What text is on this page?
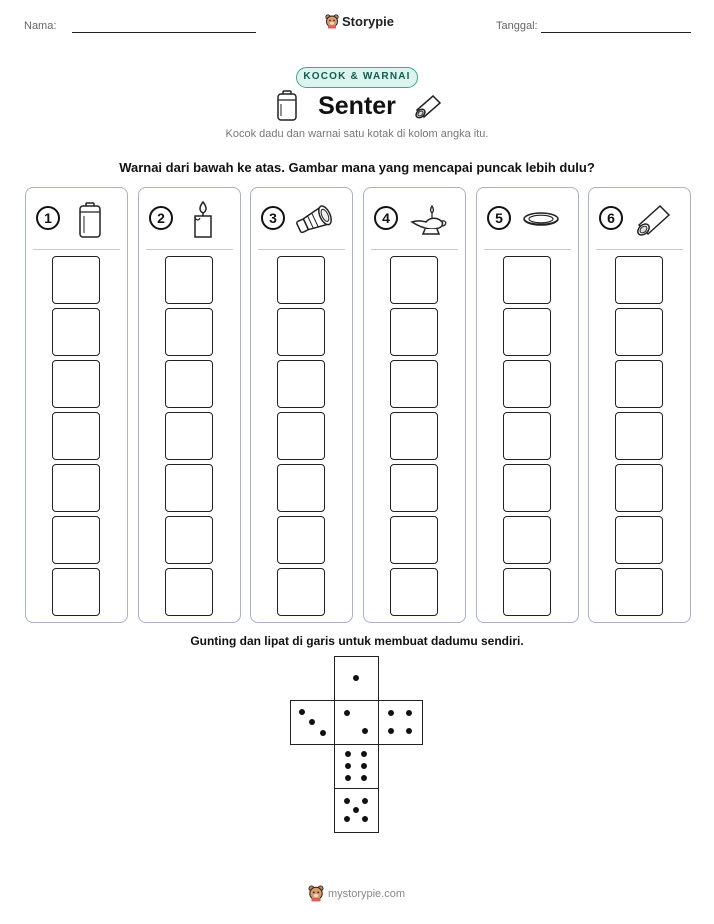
Nama:	Storypie	Tanggal:
KOCOK & WARNAI
Senter
Kocok dadu dan warnai satu kotak di kolom angka itu.
Warnai dari bawah ke atas. Gambar mana yang mencapai puncak lebih dulu?
1	2	3	4	5	6
Gunting dan lipat di garis untuk membuat dadumu sendiri.
mystorypie.com
